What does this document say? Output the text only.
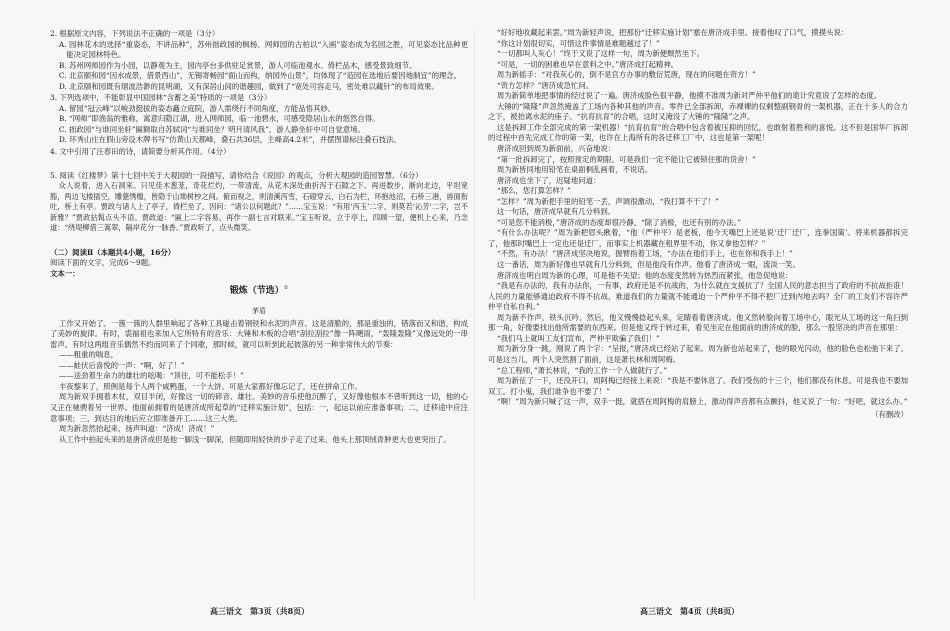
2. 根据原文内容，下列说法不正确的一项是（3分）

A. 园林花木的选择“重姿态，不讲品种”，苏州拙政园的枫杨、网师园的古柏以“入画”姿态成为名园之胜，可见姿态比品种更能决定园林特色。

B. 苏州网师园作为小园，以静观为主，园内亭台多供驻足赏景，游人可临池观水、倚栏品木，感受景致细节。

C. 北京颐和园“因水成景，借景西山”，无锡寄畅园“面山而构，纳园外山景”，均体现了“造园在选地后要因地制宜”的理念。

D. 北京颐和园既有烟波浩渺的昆明湖，又有深居山间的谐趣园，做到了“宽处可容走马，密处难以藏针”的布局效果。

3. 下列选项中，不能彰显中国园林“含蓄之美”特质的一项是（3分）

A. 留园“冠云峰”以峻劲挺拔的姿态矗立庭院，游人需绕行不同角度，方能品悟其妙。

B. “网师”即渔翁的雅称，寓意归隐江湖，进入网师园，临一池碧水，可感受隐居山水的悠然自得。

C. 拙政园“与谁同坐轩”匾额取自苏轼词“与谁同坐？明月清风我”，游人静坐轩中可自觉意境。

D. 环秀山庄在假山旁设木牌书写“仿黄山天都峰，叠石共36层，主峰高4.2米”，并摆图谱标注叠石技法。

4. 文中引用了汪春田的诗，请简要分析其作用。（4分）

5. 阅读《红楼梦》第十七回中关于大观园的一段描写，请你结合《说园》的观点，分析大观园的造园智慧。（6分）

众人说着，进入石洞来。只见佳木葱茏，奇花烂灼，一带清流，从花木深处曲折泻于石隙之下。再进数步，渐向北边，平坦宽豁，两边飞楼插空，雕甍绣槛，皆隐于山坳树杪之间。俯而视之，则清溪泻雪，石磴穿云，白石为栏，环抱池沼，石桥三港，兽面衔吐，桥上有亭。贾政与诸人上了亭子，倚栏坐了，因问：“诸公以何题此？”……宝玉说：“有用‘泻玉’二字，则莫若‘沁芳’二字，岂不新雅？”贾政拈髯点头不语。贾政道：“匾上二字容易。再作一副七言对联来。”宝玉听说，立于亭上，四顾一望，便机上心来，乃念道：“绕堤柳借三篙翠，隔岸花分一脉香。”贾政听了，点头微笑。

（二）阅读Ⅱ（本题共4小题，16分）

阅读下面的文字，完成6～9题。

文本一：

锻炼（节选）①

茅盾

工作又开始了。一簇一簇的人群里响起了各种工具碰击着钢铁和水泥的声音。这是清脆的，那是重浊的，错落而又和谐，构成了美妙的旋律。有时，裘福祖也来加入它所特有的音乐：大锤和木板的合唱“刮拉刮拉”像一阵飓雨，“轰隆轰隆”又像远处的一串雷声。有时这两组音乐偶然不约而同来了个同歌，那时候，就可以听到此起彼落的另一种非常伟大的节奏：

——粗重的喘息，

——蛙伏后喜悦的一声：“啊，好了！”

——送劲着生命力的雄壮的吆喝：“顶住，可不能松手！”

丰夜黎来了，照例是每个人两个咸鸭蛋，一个大饼。可是大家都好像忘记了，还在拼命工作。

周为新双手拥着木杖，双目半闭，好像这一切的碎音、雄壮、美妙的音乐使他沉醉了，又好像他根本不曾听到这一切，他的心又正在驰骋着另一世界。他面前拥着的是唐济成所起草的“迁移实施计划”，包括：一，起运以前应准备事项；二，迁移途中应注意事项；三，到达目的地后应立即准备开工……这三大类。

周为新忽然抬起来，扬声叫道：“济成！济成！”

从工作中拍起头来的是唐济成但是他一脚浅一脚深，但随即用轻快的步子走了过来，他头上那顶绒青肿更大也更突出了。

“好好地收藏起来罢。”周为新轻声说，把那份“迁移实施计划”塞在唐济成手里。接着他叹了口气，摸摸头说：

“你这计划很切实，可惜这件事情是难题越过了！”

“一切都叫人灰心！”终于又说了这样一句，周为新便颓然坐下。

“可是，一切的困难也早在意料之中。”唐济成打起精神。

周为新摇手：“对我灰心的，倒不是官方办事的敷衍荒唐，现在的问题在资方！”

“资方怎样？”唐济成急忙问。

周为新简单地把事情的经过说了一遍。唐济成脸色很平静，他摸不准周为新对严仲平他们的诡计究竟说了怎样的态度。

大锤的“隆隆”声忽然掩盖了工场内各种其他的声音。零件已全部拆卸，赤裸裸的仅剩整副钢骨的一架机器，正在十多人的合力之下，被抬离水泥的座子。“抗育抗育”的合唱，这时又淹没了大锤的“隆隆”之声。

这是拆卸工作全部完成的第一架机器！“抗育抗育”的合唱中包含着被压抑的回忆，也敢射着胜利的喜悦。这不但是国华厂拆卸的过程中首先完成工作的第一架，也许在上海所有的各迁移工厂中，这也是第一架呢！

唐济成回到周为新面前，兴奋地说：

“第一批拆卸完了，按照预定的期限。可是我们一定不能让它被锁住那的货舍！”

周为新皆同地用铅笔在桌面桐乱画着，不说话。

唐济成也坐下了，迟疑地问道：

“那么，您打算怎样？”

“怎样？”周为新把手里的铅笔一丢，声调很激动，“我打算不干了！”

这一句话，唐济成早就有几分料到。

“可是您不能消极，”唐济成的态度却很冷静，“除了消极，也还有别的办法。”

“有什么办法呢？”周为新把眉头揪着，“他（严仲平）是老板，他今天嘴巴上还是说‘迁厂迁厂，连拳国策’。将来机器都拆完了，他那时嘴巴上一定也还是迁厂，而事实上机器藏在租界里不动，你又拿他怎样？”

“不然，有办法！”唐济成坚决地说，握臂指着工场，“办法在他们手上，也在你和我手上！”

这一番话，周为新好像也早就有几分料到，但是他没有作声。他看了唐济成一眼，流淡一笑。

唐济成也明白周为新的心理，可是他不失望；他的态度变然转为热烈而紧张，他急促地说：

“我是有办法的，我有办法你，一有事，政府还是不抗战的，为什么就在支援抗了？全国人民的意志担当了政府的不抗战拒诳！人民的力量能够通迫政府不得不抗战，难道我们的力量就不能通迫一个严仲平不得不把厂迁到内地去吗？全厂的工友们不容许严仲平自私自利。”

周为新不作声，铁头沉吟。然后，他又慢慢捻起头来，定睛看着唐济成。他又然转脸向着工场中心，眼光从工场的这一角扫到那一角，好像要找出他所需要的东西来。但是他又终于转过来，看见坐定在他面前的唐济成的脸，那么一股坚决的声音在那里：

“我们马上就叫工友们宣布，严仲平欺骗了我们！”

周为新分身一跳，刚说了两个字：“呈报，”唐济成已经站了起来。周为新也站起来了，他的眼光闪动，他的脸色也松弛下来了。可是这当儿，两个人突然割了面前，这是萧长林和周阿梅。

“总工程师，”萧长林说，“我的工作一个人做就行了。”

周为新征了一下，还没开口，周阿梅已经接上来说：“我是不要休息了。我们受伤的十三个，他们都没有休息。可是我也不要加双工。打小鬼，我们谁争也不要了！”

“啊！”周为新只喊了这一声，双手一挺，就搭在周阿梅的肩膀上，激动得声音都有点颤抖，他又说了一句：“好吧，就这么办。”

（有删改）

高三语文　第3页（共8页）	高三语文　第4页（共8页）
